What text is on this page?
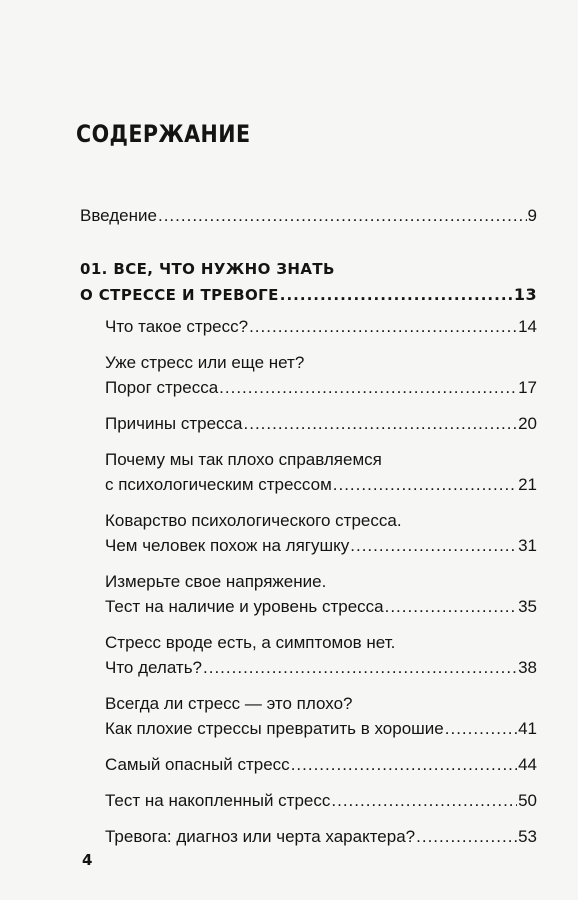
СОДЕРЖАНИЕ
Введение .....	9
01. ВСЕ, ЧТО НУЖНО ЗНАТЬ
О СТРЕССЕ И ТРЕВОГЕ .....	13
Что такое стресс? .....	14
Уже стресс или еще нет?
Порог стресса .....	17
Причины стресса .....	20
Почему мы так плохо справляемся
с психологическим стрессом .....	21
Коварство психологического стресса.
Чем человек похож на лягушку .....	31
Измерьте свое напряжение.
Тест на наличие и уровень стресса .....	35
Стресс вроде есть, а симптомов нет.
Что делать? .....	38
Всегда ли стресс — это плохо?
Как плохие стрессы превратить в хорошие .....	41
Самый опасный стресс .....	44
Тест на накопленный стресс .....	50
Тревога: диагноз или черта характера? .....	53
4
